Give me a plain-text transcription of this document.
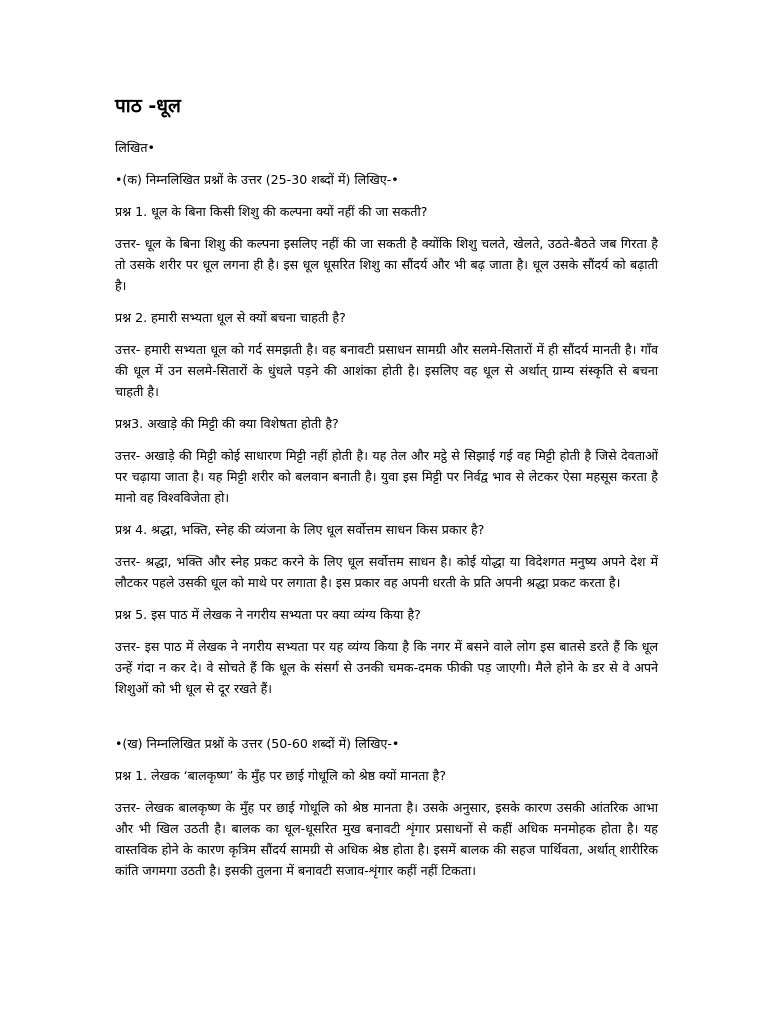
पाठ -धूल

लिखित•

•(क) निम्नलिखित प्रश्नों के उत्तर (25-30 शब्दों में) लिखिए-•

प्रश्न 1. धूल के बिना किसी शिशु की कल्पना क्यों नहीं की जा सकती?

उत्तर- धूल के बिना शिशु की कल्पना इसलिए नहीं की जा सकती है क्योंकि शिशु चलते, खेलते, उठते-बैठते जब गिरता है तो उसके शरीर पर धूल लगना ही है। इस धूल धूसरित शिशु का सौंदर्य और भी बढ़ जाता है। धूल उसके सौंदर्य को बढ़ाती है।

प्रश्न 2. हमारी सभ्यता धूल से क्यों बचना चाहती है?

उत्तर- हमारी सभ्यता धूल को गर्द समझती है। वह बनावटी प्रसाधन सामग्री और सलमे-सितारों में ही सौंदर्य मानती है। गाँव की धूल में उन सलमे-सितारों के धुंधले पड़ने की आशंका होती है। इसलिए वह धूल से अर्थात् ग्राम्य संस्कृति से बचना चाहती है।

प्रश्न3. अखाड़े की मिट्टी की क्या विशेषता होती है?

उत्तर- अखाड़े की मिट्टी कोई साधारण मिट्टी नहीं होती है। यह तेल और मट्ठे से सिझाई गई वह मिट्टी होती है जिसे देवताओं पर चढ़ाया जाता है। यह मिट्टी शरीर को बलवान बनाती है। युवा इस मिट्टी पर निर्वद्व भाव से लेटकर ऐसा महसूस करता है मानो वह विश्वविजेता हो।

प्रश्न 4. श्रद्धा, भक्ति, स्नेह की व्यंजना के लिए धूल सर्वोत्तम साधन किस प्रकार है?

उत्तर- श्रद्धा, भक्ति और स्नेह प्रकट करने के लिए धूल सर्वोत्तम साधन है। कोई योद्धा या विदेशगत मनुष्य अपने देश में लौटकर पहले उसकी धूल को माथे पर लगाता है। इस प्रकार वह अपनी धरती के प्रति अपनी श्रद्धा प्रकट करता है।

प्रश्न 5. इस पाठ में लेखक ने नगरीय सभ्यता पर क्या व्यंग्य किया है?

उत्तर- इस पाठ में लेखक ने नगरीय सभ्यता पर यह व्यंग्य किया है कि नगर में बसने वाले लोग इस बातसे डरते हैं कि धूल उन्हें गंदा न कर दे। वे सोचते हैं कि धूल के संसर्ग से उनकी चमक-दमक फीकी पड़ जाएगी। मैले होने के डर से वे अपने शिशुओं को भी धूल से दूर रखते हैं।

•(ख) निम्नलिखित प्रश्नों के उत्तर (50-60 शब्दों में) लिखिए-•

प्रश्न 1. लेखक ‘बालकृष्ण’ के मुँह पर छाई गोधूलि को श्रेष्ठ क्यों मानता है?

उत्तर- लेखक बालकृष्ण के मुँह पर छाई गोधूलि को श्रेष्ठ मानता है। उसके अनुसार, इसके कारण उसकी आंतरिक आभा और भी खिल उठती है। बालक का धूल-धूसरित मुख बनावटी शृंगार प्रसाधनों से कहीं अधिक मनमोहक होता है। यह वास्तविक होने के कारण कृत्रिम सौंदर्य सामग्री से अधिक श्रेष्ठ होता है। इसमें बालक की सहज पार्थिवता, अर्थात् शारीरिक कांति जगमगा उठती है। इसकी तुलना में बनावटी सजाव-शृंगार कहीं नहीं टिकता।
